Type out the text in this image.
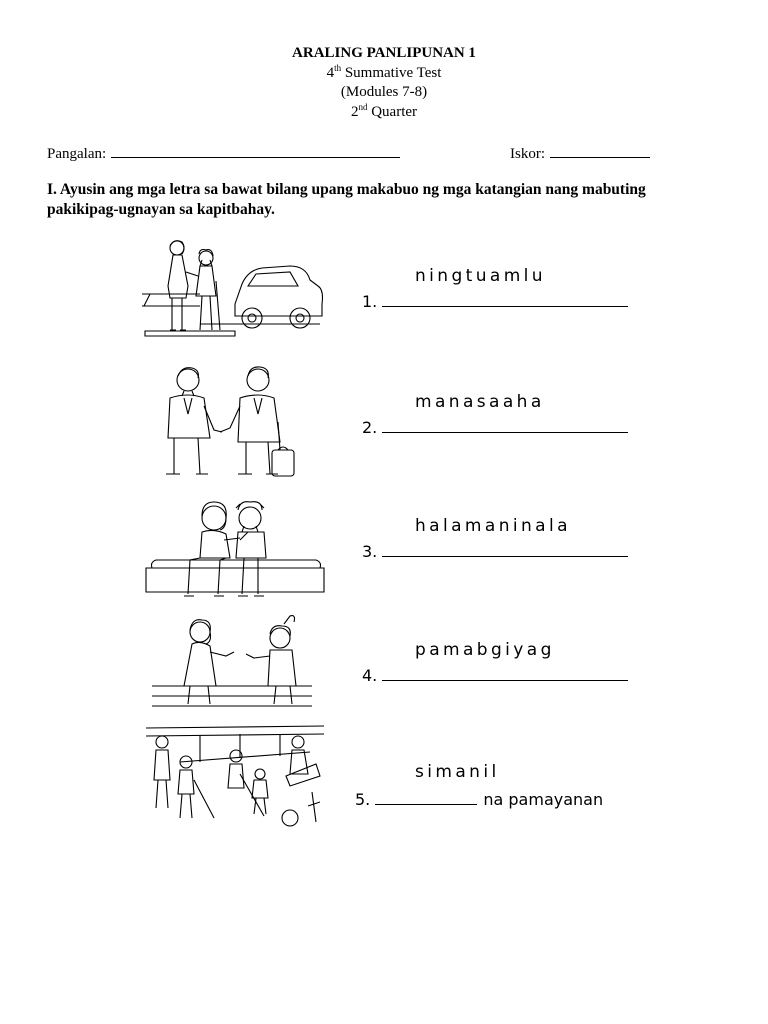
ARALING PANLIPUNAN 1
4th Summative Test
(Modules 7-8)
2nd Quarter
Pangalan:	Iskor:
I. Ayusin ang mga letra sa bawat bilang upang makabuo ng mga katangian nang mabuting pakikipag-ugnayan sa kapitbahay.
ningtuamlu
1.
manasaaha
2.
halamaninala
3.
pamabgiyag
4.
simanil
5.	na pamayanan
